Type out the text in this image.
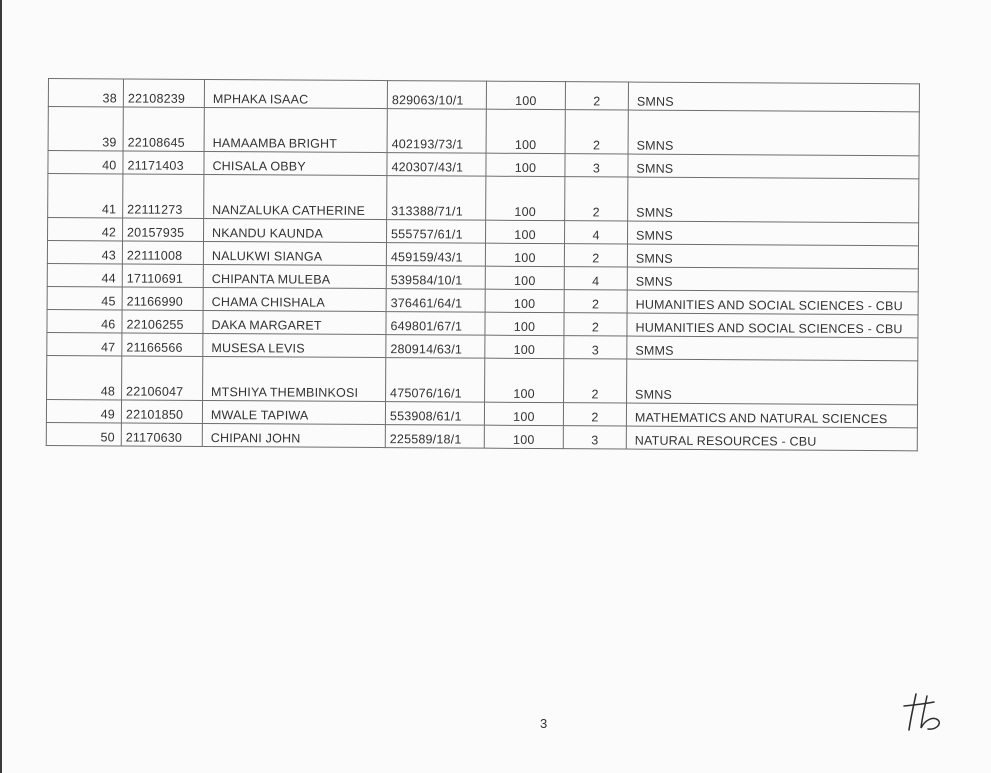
38	22108239	MPHAKA ISAAC	829063/10/1	100	2	SMNS
39	22108645	HAMAAMBA BRIGHT	402193/73/1	100	2	SMNS
40	21171403	CHISALA OBBY	420307/43/1	100	3	SMNS
41	22111273	NANZALUKA CATHERINE	313388/71/1	100	2	SMNS
42	20157935	NKANDU KAUNDA	555757/61/1	100	4	SMNS
43	22111008	NALUKWI SIANGA	459159/43/1	100	2	SMNS
44	17110691	CHIPANTA MULEBA	539584/10/1	100	4	SMNS
45	21166990	CHAMA CHISHALA	376461/64/1	100	2	HUMANITIES AND SOCIAL SCIENCES - CBU
46	22106255	DAKA MARGARET	649801/67/1	100	2	HUMANITIES AND SOCIAL SCIENCES - CBU
47	21166566	MUSESA LEVIS	280914/63/1	100	3	SMMS
48	22106047	MTSHIYA THEMBINKOSI	475076/16/1	100	2	SMNS
49	22101850	MWALE TAPIWA	553908/61/1	100	2	MATHEMATICS AND NATURAL SCIENCES
50	21170630	CHIPANI JOHN	225589/18/1	100	3	NATURAL RESOURCES - CBU
3
